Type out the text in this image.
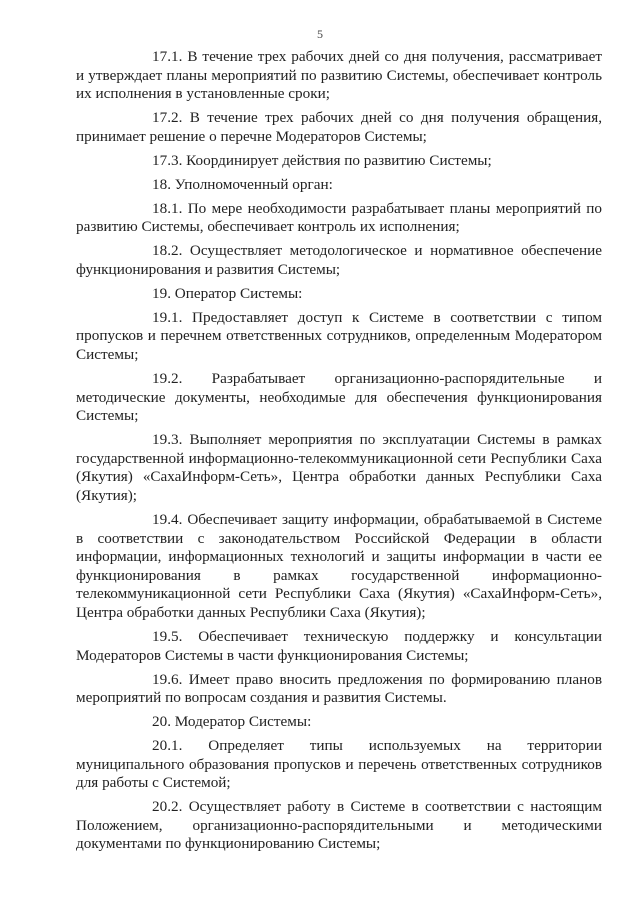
5

17.1. В течение трех рабочих дней со дня получения, рассматривает и утверждает планы мероприятий по развитию Системы, обеспечивает контроль их исполнения в установленные сроки;

17.2. В течение трех рабочих дней со дня получения обращения, принимает решение о перечне Модераторов Системы;

17.3. Координирует действия по развитию Системы;

18. Уполномоченный орган:

18.1. По мере необходимости разрабатывает планы мероприятий по развитию Системы, обеспечивает контроль их исполнения;

18.2. Осуществляет методологическое и нормативное обеспечение функционирования и развития Системы;

19. Оператор Системы:

19.1. Предоставляет доступ к Системе в соответствии с типом пропусков и перечнем ответственных сотрудников, определенным Модератором Системы;

19.2. Разрабатывает организационно-распорядительные и методические документы, необходимые для обеспечения функционирования Системы;

19.3. Выполняет мероприятия по эксплуатации Системы в рамках государственной информационно-телекоммуникационной сети Республики Саха (Якутия) «СахаИнформ-Сеть», Центра обработки данных Республики Саха (Якутия);

19.4. Обеспечивает защиту информации, обрабатываемой в Системе в соответствии с законодательством Российской Федерации в области информации, информационных технологий и защиты информации в части ее функционирования в рамках государственной информационно-телекоммуникационной сети Республики Саха (Якутия) «СахаИнформ-Сеть», Центра обработки данных Республики Саха (Якутия);

19.5. Обеспечивает техническую поддержку и консультации Модераторов Системы в части функционирования Системы;

19.6. Имеет право вносить предложения по формированию планов мероприятий по вопросам создания и развития Системы.

20. Модератор Системы:

20.1. Определяет типы используемых на территории муниципального образования пропусков и перечень ответственных сотрудников для работы с Системой;

20.2. Осуществляет работу в Системе в соответствии с настоящим Положением, организационно-распорядительными и методическими документами по функционированию Системы;
